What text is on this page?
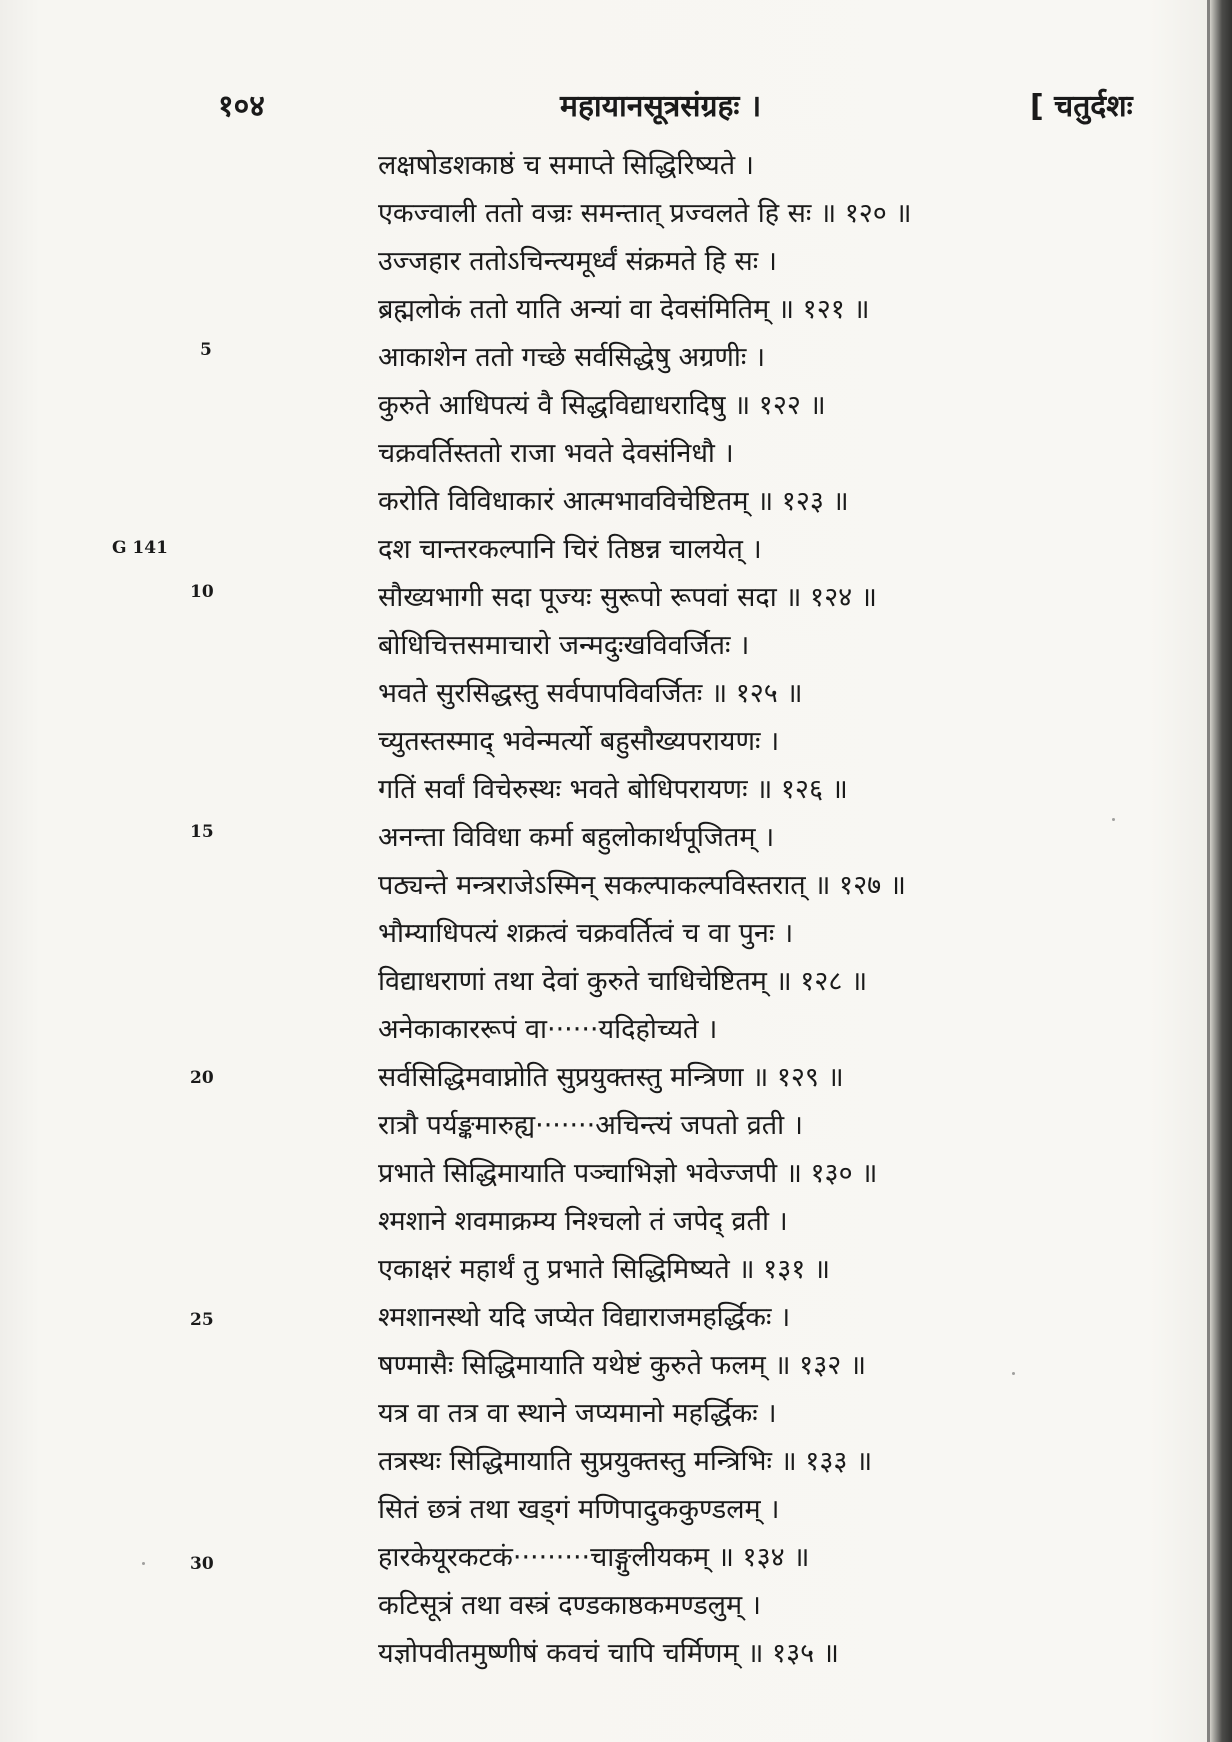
१०४	महायानसूत्रसंग्रहः ।	[ चतुर्दशः
G 141
5
10
15
20
25
30
लक्षषोडशकाष्ठं च समाप्ते सिद्धिरिष्यते ।
एकज्वाली ततो वज्रः समन्तात् प्रज्वलते हि सः ॥ १२० ॥
उज्जहार ततोऽचिन्त्यमूर्ध्वं संक्रमते हि सः ।
ब्रह्मलोकं ततो याति अन्यां वा देवसंमितिम् ॥ १२१ ॥
आकाशेन ततो गच्छे सर्वसिद्धेषु अग्रणीः ।
कुरुते आधिपत्यं वै सिद्धविद्याधरादिषु ॥ १२२ ॥
चक्रवर्तिस्ततो राजा भवते देवसंनिधौ ।
करोति विविधाकारं आत्मभावविचेष्टितम् ॥ १२३ ॥
दश चान्तरकल्पानि चिरं तिष्ठन्न चालयेत् ।
सौख्यभागी सदा पूज्यः सुरूपो रूपवां सदा ॥ १२४ ॥
बोधिचित्तसमाचारो जन्मदुःखविवर्जितः ।
भवते सुरसिद्धस्तु सर्वपापविवर्जितः ॥ १२५ ॥
च्युतस्तस्माद् भवेन्मर्त्यो बहुसौख्यपरायणः ।
गतिं सर्वां विचेरुस्थः भवते बोधिपरायणः ॥ १२६ ॥
अनन्ता विविधा कर्मा बहुलोकार्थपूजितम् ।
पठ्यन्ते मन्त्रराजेऽस्मिन् सकल्पाकल्पविस्तरात् ॥ १२७ ॥
भौम्याधिपत्यं शक्रत्वं चक्रवर्तित्वं च वा पुनः ।
विद्याधराणां तथा देवां कुरुते चाधिचेष्टितम् ॥ १२८ ॥
अनेकाकाररूपं वा······यदिहोच्यते ।
सर्वसिद्धिमवाप्नोति सुप्रयुक्तस्तु मन्त्रिणा ॥ १२९ ॥
रात्रौ पर्यङ्कमारुह्य·······अचिन्त्यं जपतो व्रती ।
प्रभाते सिद्धिमायाति पञ्चाभिज्ञो भवेज्जपी ॥ १३० ॥
श्मशाने शवमाक्रम्य निश्चलो तं जपेद् व्रती ।
एकाक्षरं महार्थं तु प्रभाते सिद्धिमिष्यते ॥ १३१ ॥
श्मशानस्थो यदि जप्येत विद्याराजमहर्द्धिकः ।
षण्मासैः सिद्धिमायाति यथेष्टं कुरुते फलम् ॥ १३२ ॥
यत्र वा तत्र वा स्थाने जप्यमानो महर्द्धिकः ।
तत्रस्थः सिद्धिमायाति सुप्रयुक्तस्तु मन्त्रिभिः ॥ १३३ ॥
सितं छत्रं तथा खड्गं मणिपादुककुण्डलम् ।
हारकेयूरकटकं·········चाङ्गुलीयकम् ॥ १३४ ॥
कटिसूत्रं तथा वस्त्रं दण्डकाष्ठकमण्डलुम् ।
यज्ञोपवीतमुष्णीषं कवचं चापि चर्मिणम् ॥ १३५ ॥
